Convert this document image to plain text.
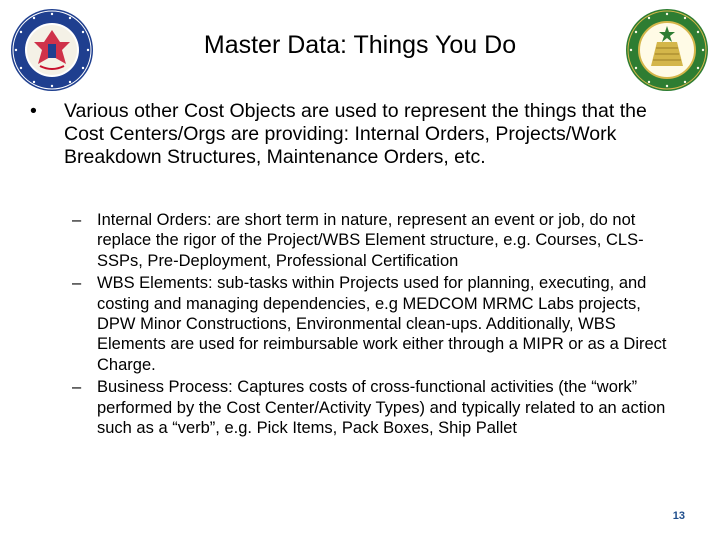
Master Data: Things You Do
•	Various other Cost Objects are used to represent the things that the Cost Centers/Orgs are providing: Internal Orders, Projects/Work Breakdown Structures, Maintenance Orders, etc.
– Internal Orders: are short term in nature, represent an event or job, do not replace the rigor of the Project/WBS Element structure, e.g. Courses, CLS-SSPs, Pre-Deployment, Professional Certification
– WBS Elements: sub-tasks within Projects used for planning, executing, and costing and managing dependencies, e.g MEDCOM MRMC Labs projects, DPW Minor Constructions, Environmental clean-ups. Additionally, WBS Elements are used for reimbursable work either through a MIPR or as a Direct Charge.
– Business Process: Captures costs of cross-functional activities (the “work” performed by the Cost Center/Activity Types) and typically related to an action such as a “verb”, e.g. Pick Items, Pack Boxes, Ship Pallet
13
